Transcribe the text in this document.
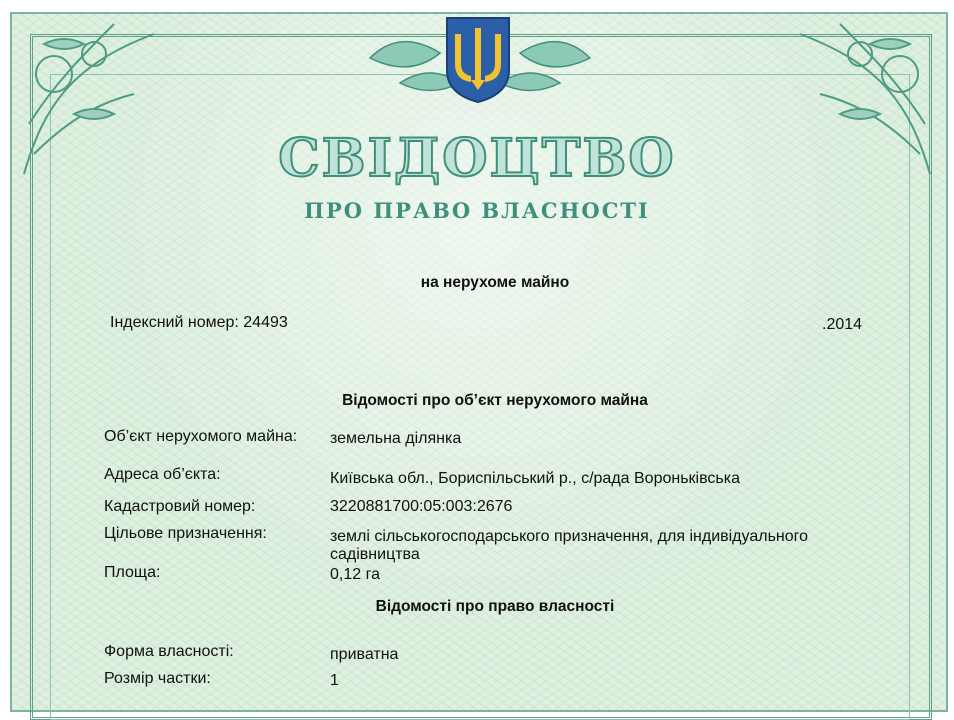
СВІДОЦТВО
ПРО ПРАВО ВЛАСНОСТІ
на нерухоме майно
Індексний номер: 24493	.2014
Відомості про об’єкт нерухомого майна
Об’єкт нерухомого майна:	земельна ділянка
Адреса об’єкта:	Київська обл., Бориспільський р., с/рада Вороньківська
Кадастровий номер:	3220881700:05:003:2676
Цільове призначення:	землі сільськогосподарського призначення, для індивідуального садівництва
Площа:	0,12 га
Відомості про право власності
Форма власності:	приватна
Розмір частки:	1
